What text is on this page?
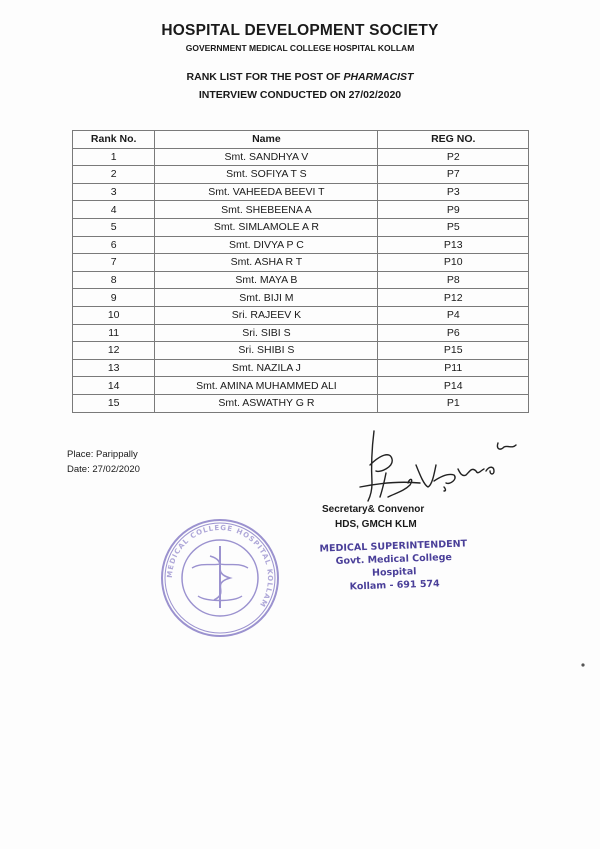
HOSPITAL DEVELOPMENT SOCIETY
GOVERNMENT MEDICAL COLLEGE HOSPITAL KOLLAM
RANK LIST FOR THE POST OF PHARMACIST
INTERVIEW CONDUCTED ON 27/02/2020
Rank No.	Name	REG NO.
1	Smt. SANDHYA V	P2
2	Smt. SOFIYA T S	P7
3	Smt. VAHEEDA BEEVI T	P3
4	Smt. SHEBEENA A	P9
5	Smt. SIMLAMOLE A R	P5
6	Smt. DIVYA P C	P13
7	Smt. ASHA R T	P10
8	Smt. MAYA B	P8
9	Smt. BIJI M	P12
10	Sri. RAJEEV K	P4
11	Sri. SIBI S	P6
12	Sri. SHIBI S	P15
13	Smt. NAZILA J	P11
14	Smt. AMINA MUHAMMED ALI	P14
15	Smt. ASWATHY G R	P1
Place: Parippally
Date: 27/02/2020
Secretary& Convenor
HDS, GMCH KLM
MEDICAL SUPERINTENDENT
Govt. Medical College Hospital
Kollam - 691 574
MEDICAL COLLEGE HOSPITAL KOLLAM
